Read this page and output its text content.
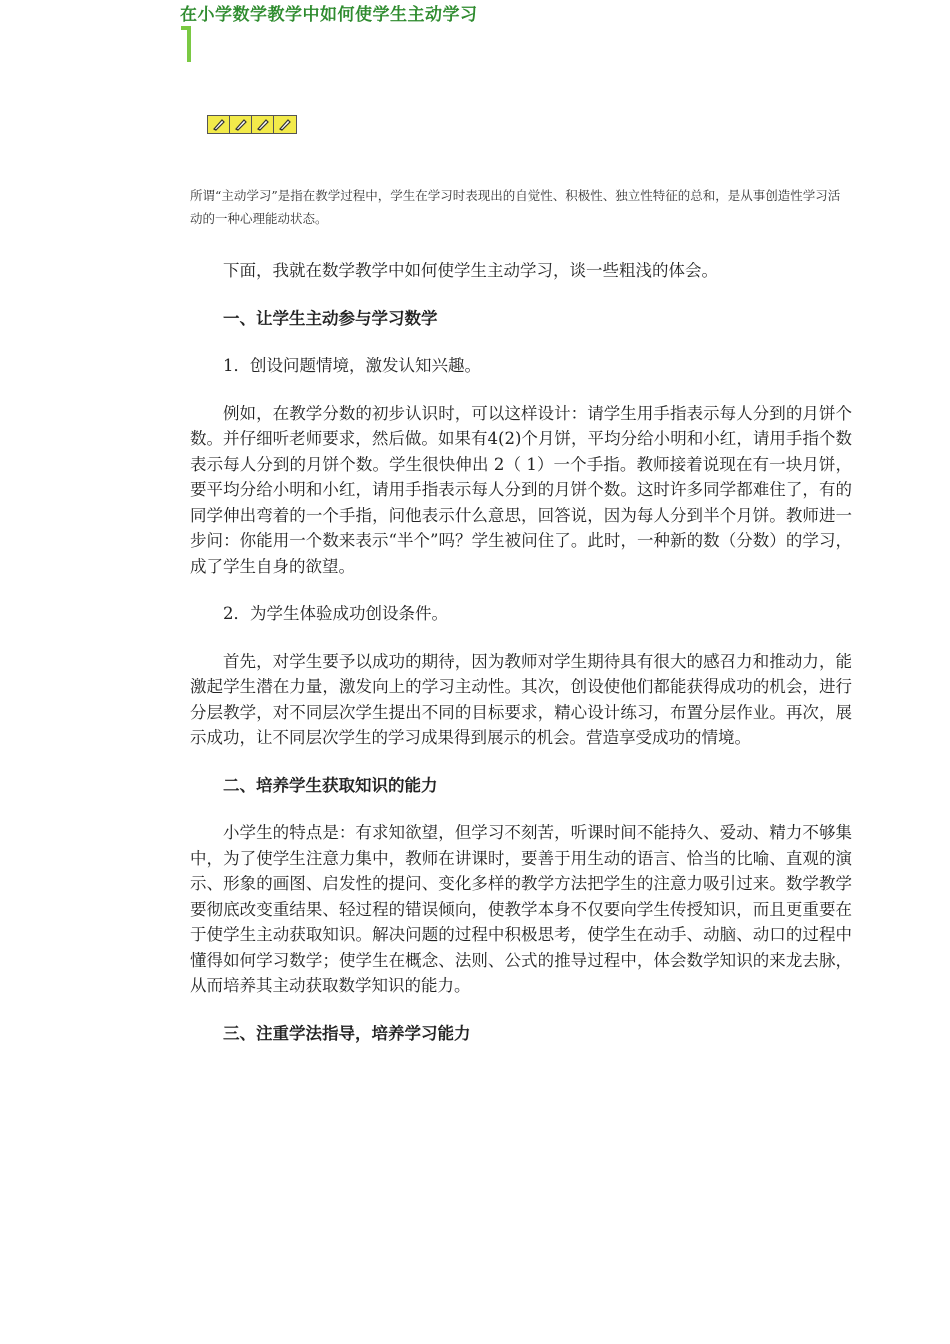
在小学数学教学中如何使学生主动学习
所谓“主动学习”是指在教学过程中，学生在学习时表现出的自觉性、积极性、独立性特征的总和，是从事创造性学习活动的一种心理能动状态。

下面，我就在数学教学中如何使学生主动学习，谈一些粗浅的体会。

一、让学生主动参与学习数学

1．创设问题情境，激发认知兴趣。

例如，在教学分数的初步认识时，可以这样设计：请学生用手指表示每人分到的月饼个数。并仔细听老师要求，然后做。如果有4(2)个月饼，平均分给小明和小红，请用手指个数表示每人分到的月饼个数。学生很快伸出 2（ 1）一个手指。教师接着说现在有一块月饼，要平均分给小明和小红，请用手指表示每人分到的月饼个数。这时许多同学都难住了，有的同学伸出弯着的一个手指，问他表示什么意思，回答说，因为每人分到半个月饼。教师进一步问：你能用一个数来表示“半个”吗？学生被问住了。此时，一种新的数（分数）的学习，成了学生自身的欲望。

2．为学生体验成功创设条件。

首先，对学生要予以成功的期待，因为教师对学生期待具有很大的感召力和推动力，能激起学生潜在力量，激发向上的学习主动性。其次，创设使他们都能获得成功的机会，进行分层教学，对不同层次学生提出不同的目标要求，精心设计练习，布置分层作业。再次，展示成功，让不同层次学生的学习成果得到展示的机会。营造享受成功的情境。

二、培养学生获取知识的能力

小学生的特点是：有求知欲望，但学习不刻苦，听课时间不能持久、爱动、精力不够集中，为了使学生注意力集中，教师在讲课时，要善于用生动的语言、恰当的比喻、直观的演示、形象的画图、启发性的提问、变化多样的教学方法把学生的注意力吸引过来。数学教学要彻底改变重结果、轻过程的错误倾向，使教学本身不仅要向学生传授知识，而且更重要在于使学生主动获取知识。解决问题的过程中积极思考，使学生在动手、动脑、动口的过程中懂得如何学习数学；使学生在概念、法则、公式的推导过程中，体会数学知识的来龙去脉，从而培养其主动获取数学知识的能力。

三、注重学法指导，培养学习能力
